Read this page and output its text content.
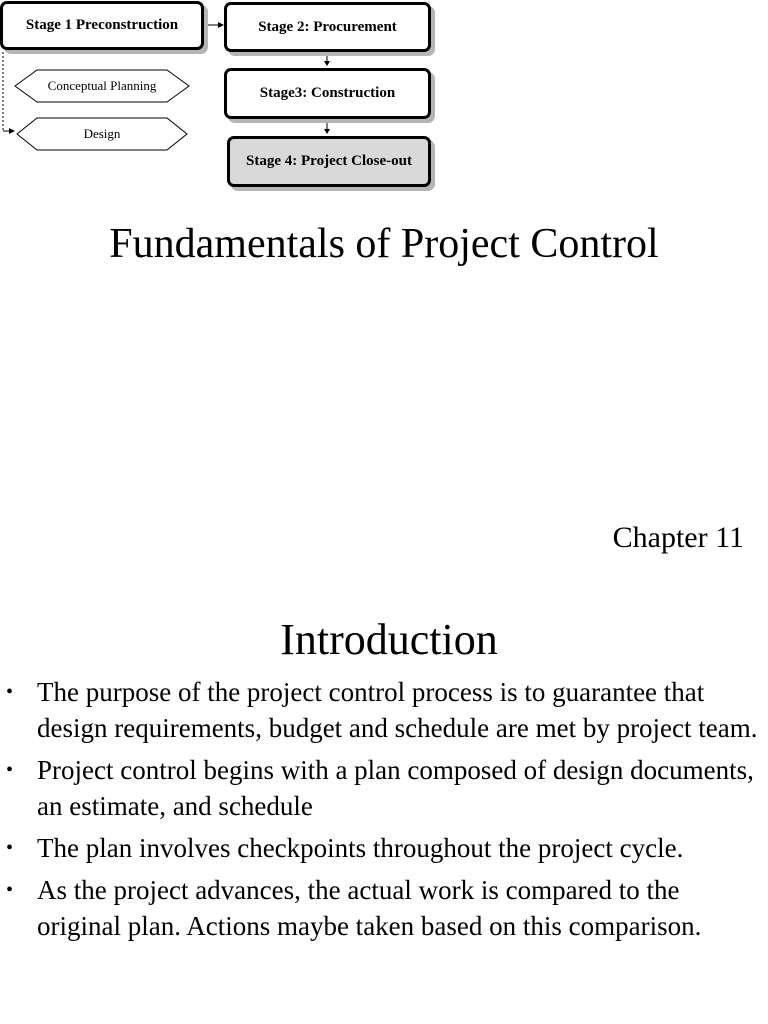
Stage 1 Preconstruction	Stage 2: Procurement
Stage3: Construction
Stage 4: Project Close-out
Conceptual Planning
Design
Fundamentals of Project Control
Chapter 11
Introduction
• The purpose of the project control process is to guarantee that design requirements, budget and schedule are met by project team.
• Project control begins with a plan composed of design documents, an estimate, and schedule
• The plan involves checkpoints throughout the project cycle.
• As the project advances, the actual work is compared to the original plan. Actions maybe taken based on this comparison.
